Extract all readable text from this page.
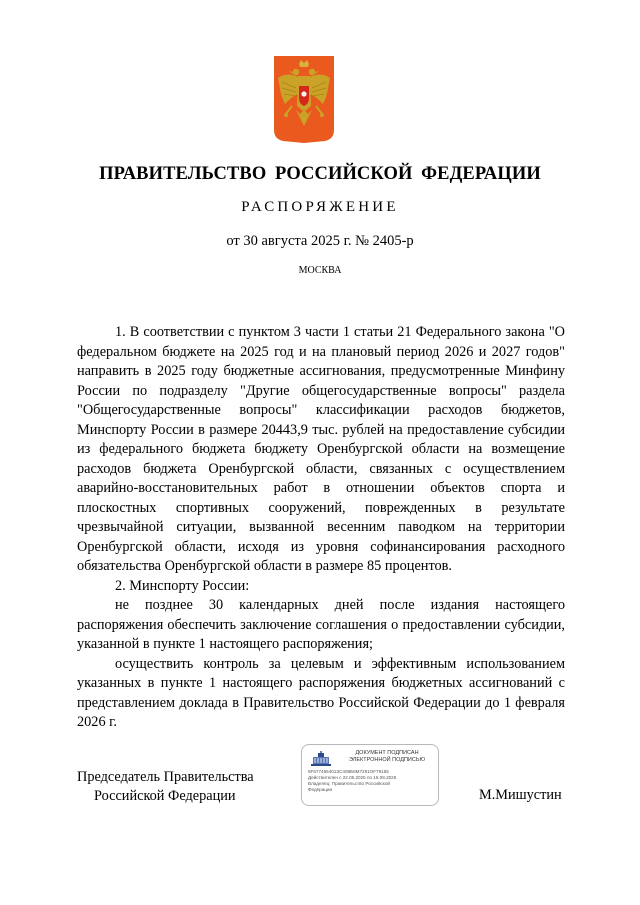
ПРАВИТЕЛЬСТВО РОССИЙСКОЙ ФЕДЕРАЦИИ
РАСПОРЯЖЕНИЕ
от 30 августа 2025 г. № 2405-р
МОСКВА

1. В соответствии с пунктом 3 части 1 статьи 21 Федерального закона "О федеральном бюджете на 2025 год и на плановый период 2026 и 2027 годов" направить в 2025 году бюджетные ассигнования, предусмотренные Минфину России по подразделу "Другие общегосударственные вопросы" раздела "Общегосударственные вопросы" классификации расходов бюджетов, Минспорту России в размере 20443,9 тыс. рублей на предоставление субсидии из федерального бюджета бюджету Оренбургской области на возмещение расходов бюджета Оренбургской области, связанных с осуществлением аварийно-восстановительных работ в отношении объектов спорта и плоскостных спортивных сооружений, поврежденных в результате чрезвычайной ситуации, вызванной весенним паводком на территории Оренбургской области, исходя из уровня софинансирования расходного обязательства Оренбургской области в размере 85 процентов.

2. Минспорту России:

не позднее 30 календарных дней после издания настоящего распоряжения обеспечить заключение соглашения о предоставлении субсидии, указанной в пункте 1 настоящего распоряжения;

осуществить контроль за целевым и эффективным использованием указанных в пункте 1 настоящего распоряжения бюджетных ассигнований с представлением доклада в Правительство Российской Федерации до 1 февраля 2026 г.

Председатель Правительства
Российской Федерации
ДОКУМЕНТ ПОДПИСАН
ЭЛЕКТРОННОЙ ПОДПИСЬЮ
6F677465401ЗС408Б8М7281ОF79155
Действителен с 22.05.2025 по 15.08.2026
Владелец: Правительство Российской
Федерации	М.Мишустин
